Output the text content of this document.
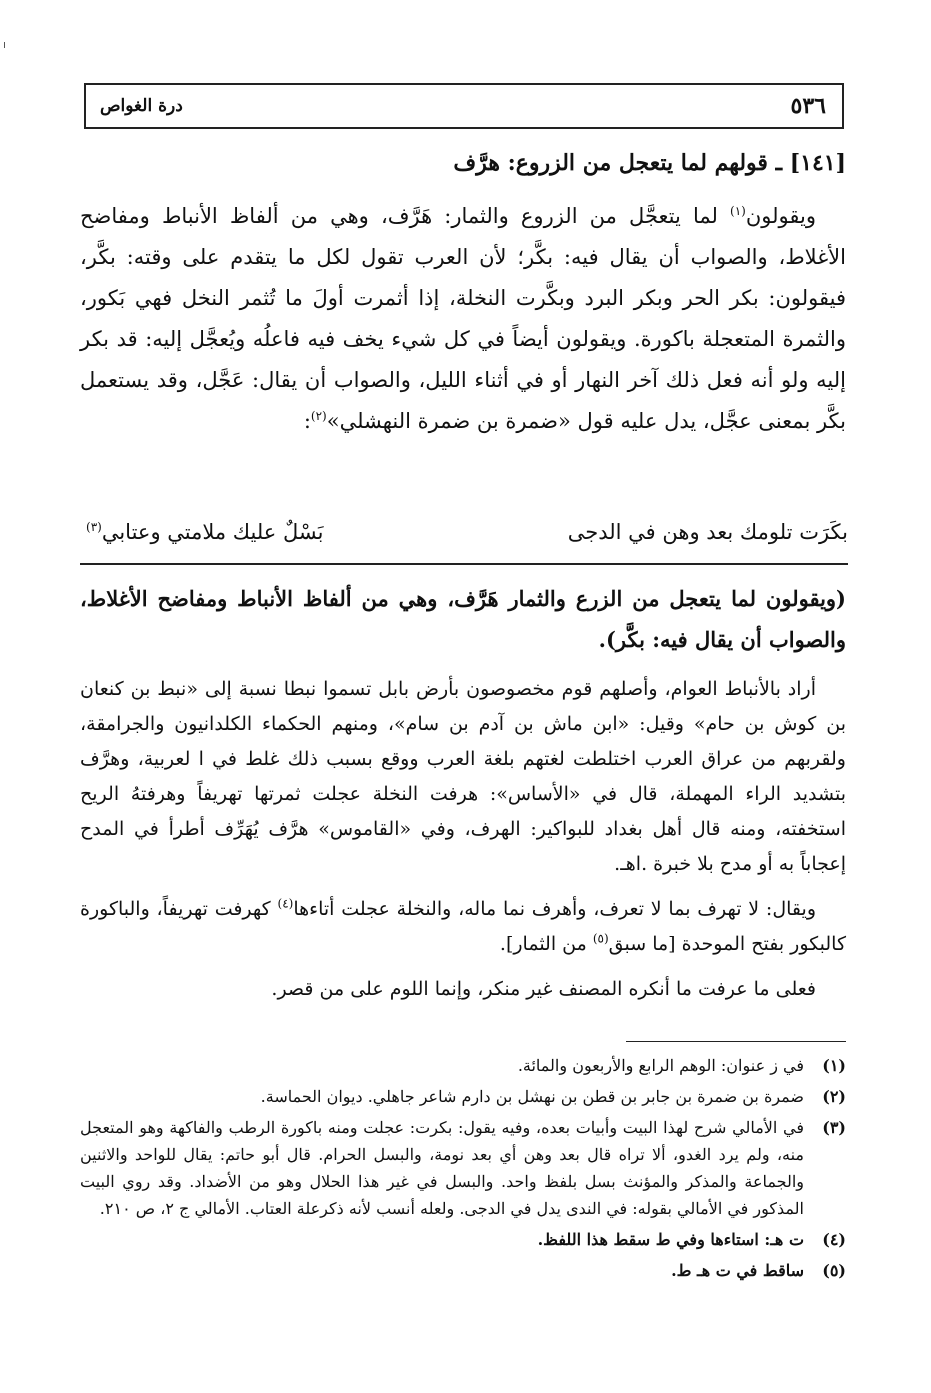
٥٣٦
درة الغواص
[١٤١] ـ قولهم لما يتعجل من الزروع: هرَّف

ويقولون$^{(١)}$ لما يتعجَّل من الزروع والثمار: هَرَّف، وهي من ألفاظ الأنباط ومفاضح الأغلاط، والصواب أن يقال فيه: بكَّر؛ لأن العرب تقول لكل ما يتقدم على وقته: بكَّر، فيقولون: بكر الحر وبكر البرد وبكَّرت النخلة، إذا أثمرت أولَ ما تُثمر النخل فهي بَكور، والثمرة المتعجلة باكورة. ويقولون أيضاً في كل شيء يخف فيه فاعلُه ويُعجَّل إليه: قد بكر إليه ولو أنه فعل ذلك آخر النهار أو في أثناء الليل، والصواب أن يقال: عَجَّل، وقد يستعمل بكَّر بمعنى عجَّل، يدل عليه قول «ضمرة بن ضمرة النهشلي»$^{(٢)}$:

بكَرَت تلومك بعد وهن في الدجى
بَسْلٌ عليك ملامتي وعتابي$^{(٣)}$

(ويقولون لما يتعجل من الزرع والثمار هَرَّف، وهي من ألفاظ الأنباط ومفاضح الأغلاط، والصواب أن يقال فيه: بكَّر).

أراد بالأنباط العوام، وأصلهم قوم مخصوصون بأرض بابل تسموا نبطا نسبة إلى «نبط بن كنعان بن كوش بن حام» وقيل: «ابن ماش بن آدم بن سام»، ومنهم الحكماء الكلدانيون والجرامقة، ولقربهم من عراق العرب اختلطت لغتهم بلغة العرب ووقع بسبب ذلك غلط في ا لعربية، وهرَّف بتشديد الراء المهملة، قال في «الأساس»: هرفت النخلة عجلت ثمرتها تهريفاً وهرفتهُ الريح استخفته، ومنه قال أهل بغداد للبواكير: الهرف، وفي «القاموس» هرَّف يُهَرِّف أطرأ في المدح إعجاباً به أو مدح بلا خبرة .اهـ.

ويقال: لا تهرف بما لا تعرف، وأهرف نما ماله، والنخلة عجلت أتاءها$^{(٤)}$ كهرفت تهريفاً، والباكورة كالبكور بفتح الموحدة [ما سبق$^{(٥)}$ من الثمار].

فعلى ما عرفت ما أنكره المصنف غير منكر، وإنما اللوم على من قصر.

(١)
في ز عنوان: الوهم الرابع والأربعون والمائة.
(٢)
ضمرة بن ضمرة بن جابر بن قطن بن نهشل بن دارم شاعر جاهلي. ديوان الحماسة.
(٣)
في الأمالي شرح لهذا البيت وأبيات بعده، وفيه يقول: بكرت: عجلت ومنه باكورة الرطب والفاكهة وهو المتعجل منه، ولم يرد الغدو، ألا تراه قال بعد وهن أي بعد نومة، والبسل الحرام. قال أبو حاتم: يقال للواحد والاثنين والجماعة والمذكر والمؤنث بسل بلفظ واحد. والبسل في غير هذا الحلال وهو من الأضداد. وقد روي البيت المذكور في الأمالي بقوله: في الندى يدل في الدجى. ولعله أنسب لأنه ذكرعلة العتاب. الأمالي ج ٢، ص ٢١٠.
(٤)
ت هـ: استاءها وفي ط سقط هذا اللفظ.
(٥)
ساقط في ت هـ ط.
